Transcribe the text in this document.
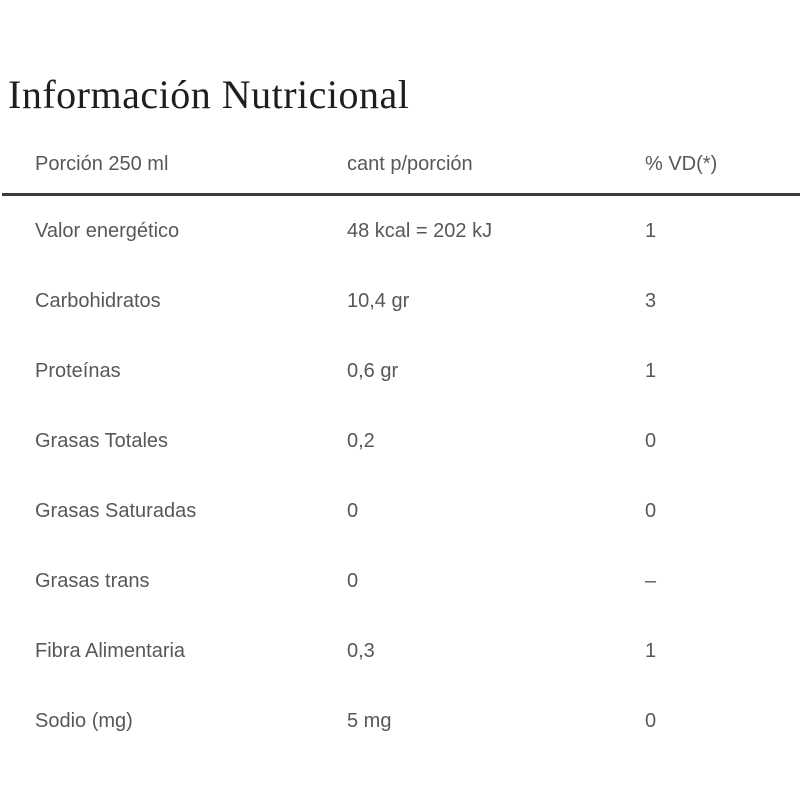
Información Nutricional
Porción 250 ml	cant p/porción	% VD(*)
Valor energético	48 kcal = 202 kJ	1
Carbohidratos	10,4 gr	3
Proteínas	0,6 gr	1
Grasas Totales	0,2	0
Grasas Saturadas	0	0
Grasas trans	0	–
Fibra Alimentaria	0,3	1
Sodio (mg)	5 mg	0
